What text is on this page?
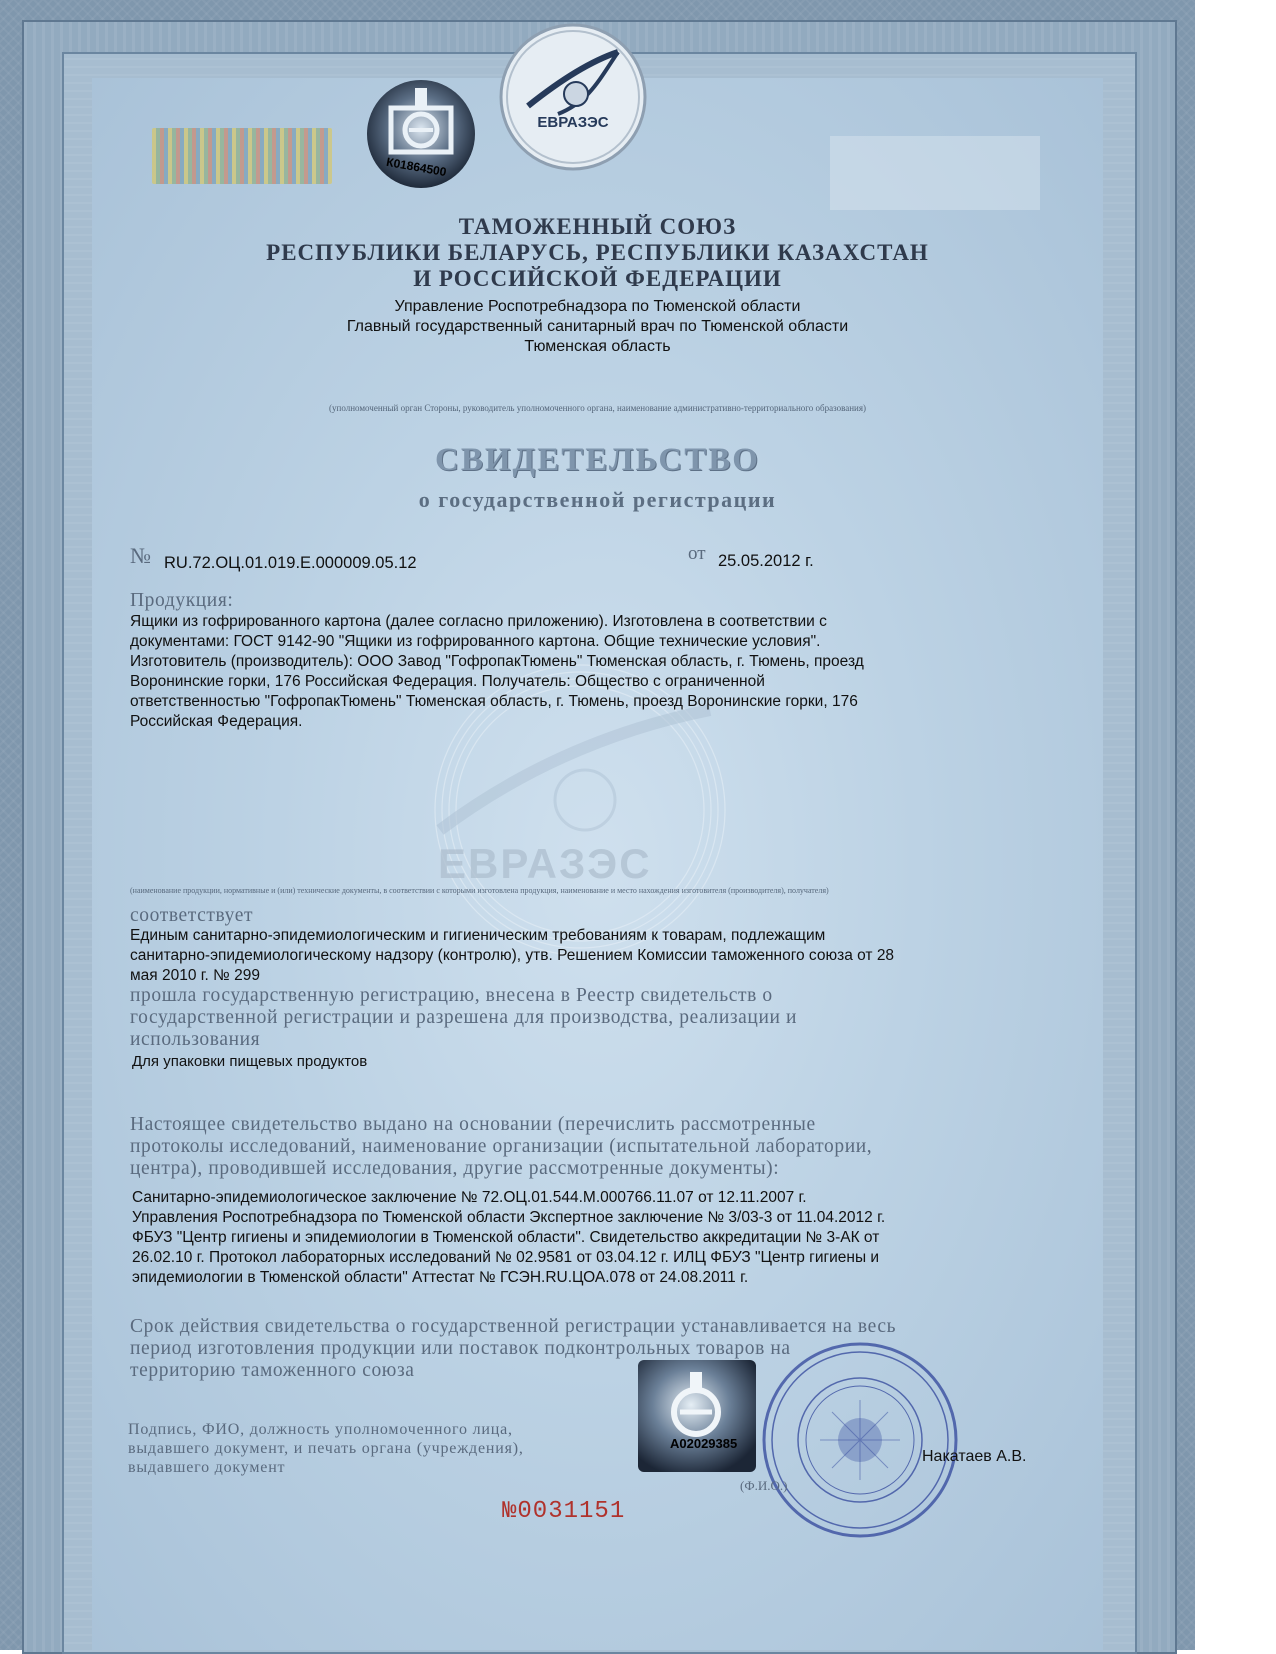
К01864500
ЕВРАЗЭС
ТАМОЖЕННЫЙ СОЮЗ
РЕСПУБЛИКИ БЕЛАРУСЬ, РЕСПУБЛИКИ КАЗАХСТАН
И РОССИЙСКОЙ ФЕДЕРАЦИИ
Управление Роспотребнадзора по Тюменской области
Главный государственный санитарный врач по Тюменской области
Тюменская область
(уполномоченный орган Стороны, руководитель уполномоченного органа, наименование административно-территориального образования)
СВИДЕТЕЛЬСТВО
о государственной регистрации
№ RU.72.ОЦ.01.019.Е.000009.05.12	от 25.05.2012 г.
ЕВРАЗЭС
Продукция:
Ящики из гофрированного картона (далее согласно приложению). Изготовлена в соответствии с
документами: ГОСТ 9142-90 "Ящики из гофрированного картона. Общие технические условия".
Изготовитель (производитель): ООО Завод "ГофропакТюмень" Тюменская область, г. Тюмень, проезд
Воронинские горки, 176 Российская Федерация. Получатель: Общество с ограниченной
ответственностью "ГофропакТюмень" Тюменская область, г. Тюмень, проезд Воронинские горки, 176
Российская Федерация.
(наименование продукции, нормативные и (или) технические документы, в соответствии с которыми изготовлена продукция, наименование и место нахождения изготовителя (производителя), получателя)
соответствует
Единым санитарно-эпидемиологическим и гигиеническим требованиям к товарам, подлежащим
санитарно-эпидемиологическому надзору (контролю), утв. Решением Комиссии таможенного союза от 28
мая 2010 г. № 299
прошла государственную регистрацию, внесена в Реестр свидетельств о
государственной регистрации и разрешена для производства, реализации и
использования
Для упаковки пищевых продуктов
Настоящее свидетельство выдано на основании (перечислить рассмотренные
протоколы исследований, наименование организации (испытательной лаборатории,
центра), проводившей исследования, другие рассмотренные документы):
Санитарно-эпидемиологическое заключение № 72.ОЦ.01.544.М.000766.11.07 от 12.11.2007 г.
Управления Роспотребнадзора по Тюменской области Экспертное заключение № 3/03-3 от 11.04.2012 г.
ФБУЗ "Центр гигиены и эпидемиологии в Тюменской области". Свидетельство аккредитации № 3-АК от
26.02.10 г. Протокол лабораторных исследований № 02.9581 от 03.04.12 г. ИЛЦ ФБУЗ "Центр гигиены и
эпидемиологии в Тюменской области" Аттестат № ГСЭН.RU.ЦОА.078 от 24.08.2011 г.
Срок действия свидетельства о государственной регистрации устанавливается на весь
период изготовления продукции или поставок подконтрольных товаров на
территорию таможенного союза
Подпись, ФИО, должность уполномоченного лица,
выдавшего документ, и печать органа (учреждения),
выдавшего документ
А02029385
Накатаев А.В.
(Ф.И.О.)
№0031151
